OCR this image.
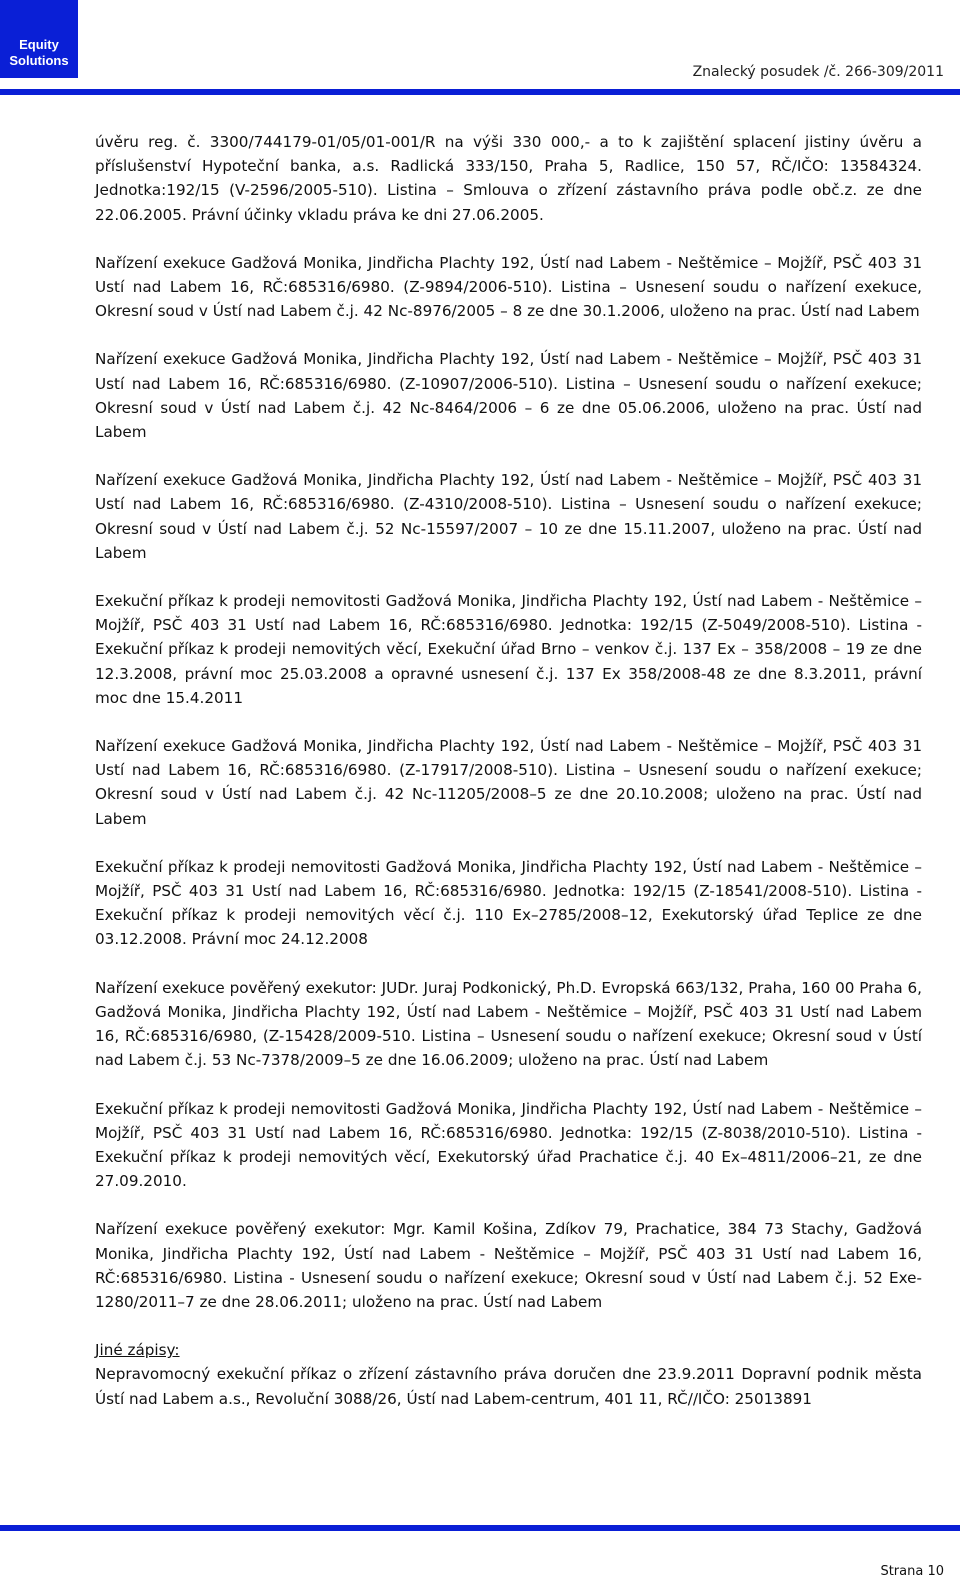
Equity
Solutions
Znalecký posudek /č. 266-309/2011

úvěru reg. č. 3300/744179-01/05/01-001/R na výši 330 000,- a to k zajištění splacení jistiny úvěru a příslušenství Hypoteční banka, a.s. Radlická 333/150, Praha 5, Radlice, 150 57, RČ/IČO: 13584324. Jednotka:192/15 (V-2596/2005-510). Listina – Smlouva o zřízení zástavního práva podle obč.z. ze dne 22.06.2005. Právní účinky vkladu práva ke dni 27.06.2005.

Nařízení exekuce Gadžová Monika, Jindřicha Plachty 192, Ústí nad Labem - Neštěmice – Mojžíř, PSČ 403 31 Ustí nad Labem 16, RČ:685316/6980. (Z-9894/2006-510). Listina – Usnesení soudu o nařízení exekuce, Okresní soud v Ústí nad Labem č.j. 42 Nc-8976/2005 – 8 ze dne 30.1.2006, uloženo na prac. Ústí nad Labem

Nařízení exekuce Gadžová Monika, Jindřicha Plachty 192, Ústí nad Labem - Neštěmice – Mojžíř, PSČ 403 31 Ustí nad Labem 16, RČ:685316/6980. (Z-10907/2006-510). Listina – Usnesení soudu o nařízení exekuce; Okresní soud v Ústí nad Labem č.j. 42 Nc-8464/2006 – 6 ze dne 05.06.2006, uloženo na prac. Ústí nad Labem

Nařízení exekuce Gadžová Monika, Jindřicha Plachty 192, Ústí nad Labem - Neštěmice – Mojžíř, PSČ 403 31 Ustí nad Labem 16, RČ:685316/6980. (Z-4310/2008-510). Listina – Usnesení soudu o nařízení exekuce; Okresní soud v Ústí nad Labem č.j. 52 Nc-15597/2007 – 10 ze dne 15.11.2007, uloženo na prac. Ústí nad Labem

Exekuční příkaz k prodeji nemovitosti Gadžová Monika, Jindřicha Plachty 192, Ústí nad Labem - Neštěmice – Mojžíř, PSČ 403 31 Ustí nad Labem 16, RČ:685316/6980. Jednotka: 192/15 (Z-5049/2008-510). Listina - Exekuční příkaz k prodeji nemovitých věcí, Exekuční úřad Brno – venkov č.j. 137 Ex – 358/2008 – 19 ze dne 12.3.2008, právní moc 25.03.2008 a opravné usnesení č.j. 137 Ex 358/2008-48 ze dne 8.3.2011, právní moc dne 15.4.2011

Nařízení exekuce Gadžová Monika, Jindřicha Plachty 192, Ústí nad Labem - Neštěmice – Mojžíř, PSČ 403 31 Ustí nad Labem 16, RČ:685316/6980. (Z-17917/2008-510). Listina – Usnesení soudu o nařízení exekuce; Okresní soud v Ústí nad Labem č.j. 42 Nc-11205/2008–5 ze dne 20.10.2008; uloženo na prac. Ústí nad Labem

Exekuční příkaz k prodeji nemovitosti Gadžová Monika, Jindřicha Plachty 192, Ústí nad Labem - Neštěmice – Mojžíř, PSČ 403 31 Ustí nad Labem 16, RČ:685316/6980. Jednotka: 192/15 (Z-18541/2008-510). Listina - Exekuční příkaz k prodeji nemovitých věcí č.j. 110 Ex–2785/2008–12, Exekutorský úřad Teplice ze dne 03.12.2008. Právní moc 24.12.2008

Nařízení exekuce pověřený exekutor: JUDr. Juraj Podkonický, Ph.D. Evropská 663/132, Praha, 160 00 Praha 6, Gadžová Monika, Jindřicha Plachty 192, Ústí nad Labem - Neštěmice – Mojžíř, PSČ 403 31 Ustí nad Labem 16, RČ:685316/6980, (Z-15428/2009-510. Listina – Usnesení soudu o nařízení exekuce; Okresní soud v Ústí nad Labem č.j. 53 Nc-7378/2009–5 ze dne 16.06.2009; uloženo na prac. Ústí nad Labem

Exekuční příkaz k prodeji nemovitosti Gadžová Monika, Jindřicha Plachty 192, Ústí nad Labem - Neštěmice – Mojžíř, PSČ 403 31 Ustí nad Labem 16, RČ:685316/6980. Jednotka: 192/15 (Z-8038/2010-510). Listina - Exekuční příkaz k prodeji nemovitých věcí, Exekutorský úřad Prachatice č.j. 40 Ex–4811/2006–21, ze dne 27.09.2010.

Nařízení exekuce pověřený exekutor: Mgr. Kamil Košina, Zdíkov 79, Prachatice, 384 73 Stachy, Gadžová Monika, Jindřicha Plachty 192, Ústí nad Labem - Neštěmice – Mojžíř, PSČ 403 31 Ustí nad Labem 16, RČ:685316/6980. Listina - Usnesení soudu o nařízení exekuce; Okresní soud v Ústí nad Labem č.j. 52 Exe-1280/2011–7 ze dne 28.06.2011; uloženo na prac. Ústí nad Labem

Jiné zápisy:

Nepravomocný exekuční příkaz o zřízení zástavního práva doručen dne 23.9.2011 Dopravní podnik města Ústí nad Labem a.s., Revoluční 3088/26, Ústí nad Labem-centrum, 401 11, RČ//IČO: 25013891

Strana 10
